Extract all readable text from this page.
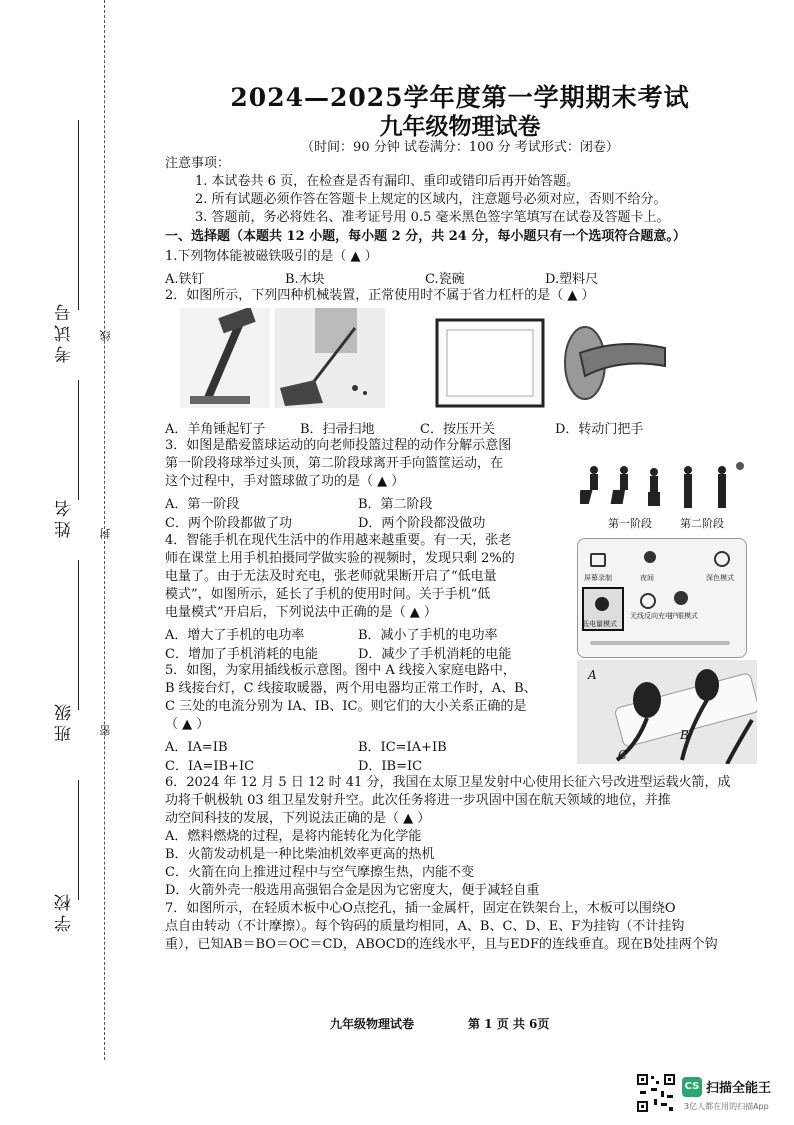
考试号
姓名
班级
学校
线
封
密
2024—2025学年度第一学期期末考试
九年级物理试卷
（时间：90 分钟 试卷满分：100 分 考试形式：闭卷）
注意事项：
1. 本试卷共 6 页，在检查是否有漏印、重印或错印后再开始答题。
2. 所有试题必须作答在答题卡上规定的区域内，注意题号必须对应，否则不给分。
3. 答题前，务必将姓名、准考证号用 0.5 毫米黑色签字笔填写在试卷及答题卡上。
一、选择题（本题共 12 小题，每小题 2 分，共 24 分，每小题只有一个选项符合题意。）
1.下列物体能被磁铁吸引的是（ ▲ ）
A.铁钉	B.木块	C.瓷碗	D.塑料尺
2．如图所示，下列四种机械装置，正常使用时不属于省力杠杆的是（ ▲ ）
A．羊角锤起钉子	B．扫帚扫地	C．按压开关	D．转动门把手
3．如图是酷爱篮球运动的向老师投篮过程的动作分解示意图
第一阶段将球举过头顶，第二阶段球离开手向篮筐运动，在
这个过程中，手对篮球做了功的是（ ▲ ）
A．第一阶段	B．第二阶段
C．两个阶段都做了功	D．两个阶段都没做功	第一阶段	第二阶段
4．智能手机在现代生活中的作用越来越重要。有一天，张老
师在课堂上用手机拍摄同学做实验的视频时，发现只剩 2%的
电量了。由于无法及时充电，张老师就果断开启了“低电量
模式”，如图所示，延长了手机的使用时间。关于手机“低
电量模式”开启后，下列说法中正确的是（ ▲ ）
A．增大了手机的电功率	B．减小了手机的电功率
C．增加了手机消耗的电能	D．减少了手机消耗的电能
屏幕录制	夜间	深色模式
低电量模式
无线反向充电
护眼模式
5．如图，为家用插线板示意图。图中 A 线接入家庭电路中，
B 线接台灯，C 线接取暖器，两个用电器均正常工作时，A、B、
C 三处的电流分别为 IA、IB、IC。则它们的大小关系正确的是
（ ▲ ）
A．IA=IB	B．IC=IA+IB
C．IA=IB+IC	D．IB=IC
A
B
C
6．2024 年 12 月 5 日 12 时 41 分，我国在太原卫星发射中心使用长征六号改进型运载火箭，成
功将千帆极轨 03 组卫星发射升空。此次任务将进一步巩固中国在航天领域的地位，并推
动空间科技的发展，下列说法正确的是（ ▲ ）
A．燃料燃烧的过程，是将内能转化为化学能
B．火箭发动机是一种比柴油机效率更高的热机
C．火箭在向上推进过程中与空气摩擦生热，内能不变
D．火箭外壳一般选用高强铝合金是因为它密度大，便于减轻自重
7．如图所示，在轻质木板中心O点挖孔，插一金属杆，固定在铁架台上，木板可以围绕O
点自由转动（不计摩擦）。每个钩码的质量均相同，A、B、C、D、E、F为挂钩（不计挂钩
重），已知AB＝BO＝OC＝CD，ABOCD的连线水平，且与EDF的连线垂直。现在B处挂两个钩
九年级物理试卷	第 1 页 共 6页
CS 扫描全能王
3亿人都在用的扫描App
